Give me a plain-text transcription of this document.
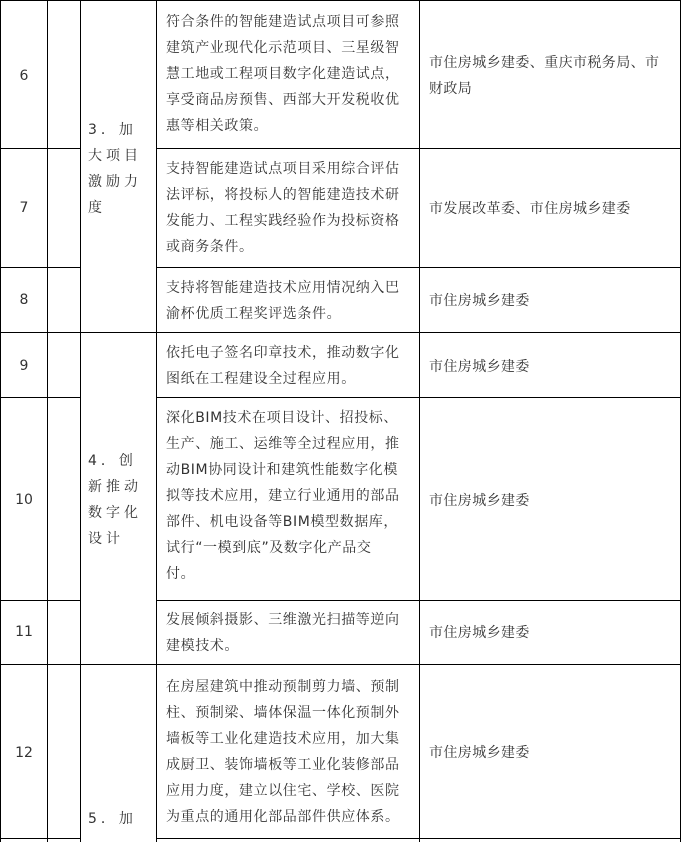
6
符合条件的智能建造试点项目可参照
建筑产业现代化示范项目、三星级智
慧工地或工程项目数字化建造试点，
享受商品房预售、西部大开发税收优
惠等相关政策。
市住房城乡建委、重庆市税务局、市
财政局
3．加
大项目
激励力
度
7
支持智能建造试点项目采用综合评估
法评标，将投标人的智能建造技术研
发能力、工程实践经验作为投标资格
或商务条件。
市发展改革委、市住房城乡建委
8
支持将智能建造技术应用情况纳入巴
渝杯优质工程奖评选条件。
市住房城乡建委
9
依托电子签名印章技术，推动数字化
图纸在工程建设全过程应用。
市住房城乡建委
10
深化BIM技术在项目设计、招投标、
生产、施工、运维等全过程应用，推
动BIM协同设计和建筑性能数字化模
拟等技术应用，建立行业通用的部品
部件、机电设备等BIM模型数据库，
试行“一模到底”及数字化产品交
付。
市住房城乡建委
4．创
新推动
数字化
设计
11
发展倾斜摄影、三维激光扫描等逆向
建模技术。
市住房城乡建委
12
在房屋建筑中推动预制剪力墙、预制
柱、预制梁、墙体保温一体化预制外
墙板等工业化建造技术应用，加大集
成厨卫、装饰墙板等工业化装修部品
应用力度，建立以住宅、学校、医院
为重点的通用化部品部件供应体系。
市住房城乡建委
5．加
